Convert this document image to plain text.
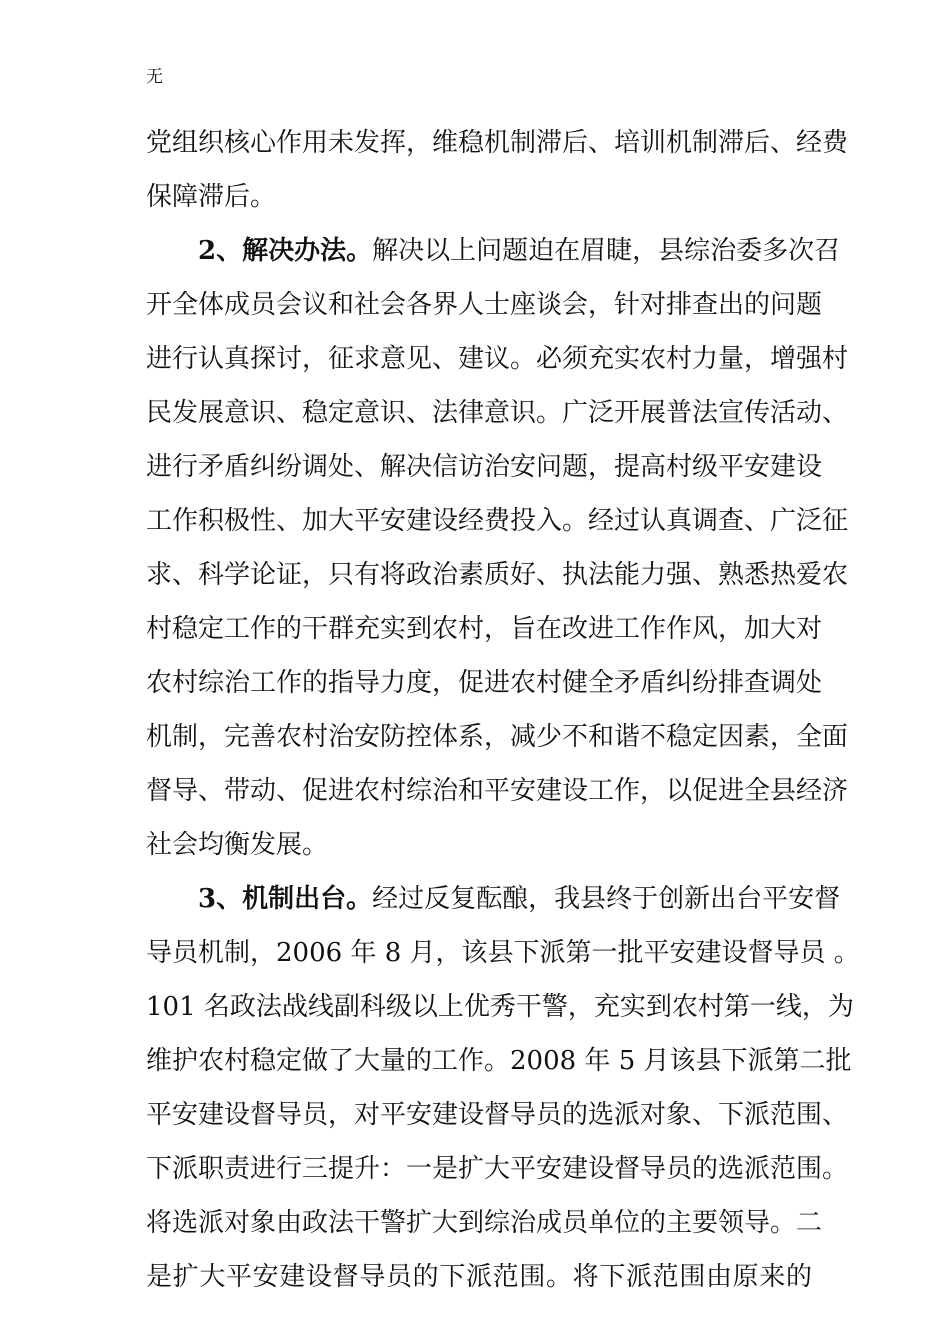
无
党组织核心作用未发挥，维稳机制滞后、培训机制滞后、经费
保障滞后。
2、解决办法。解决以上问题迫在眉睫，县综治委多次召
开全体成员会议和社会各界人士座谈会，针对排查出的问题
进行认真探讨，征求意见、建议。必须充实农村力量，增强村
民发展意识、稳定意识、法律意识。广泛开展普法宣传活动、
进行矛盾纠纷调处、解决信访治安问题，提高村级平安建设
工作积极性、加大平安建设经费投入。经过认真调查、广泛征
求、科学论证，只有将政治素质好、执法能力强、熟悉热爱农
村稳定工作的干群充实到农村，旨在改进工作作风，加大对
农村综治工作的指导力度，促进农村健全矛盾纠纷排查调处
机制，完善农村治安防控体系，减少不和谐不稳定因素，全面
督导、带动、促进农村综治和平安建设工作，以促进全县经济
社会均衡发展。
3、机制出台。经过反复酝酿，我县终于创新出台平安督
导员机制，2006 年 8 月，该县下派第一批平安建设督导员 。
101 名政法战线副科级以上优秀干警，充实到农村第一线，为
维护农村稳定做了大量的工作。2008 年 5 月该县下派第二批
平安建设督导员，对平安建设督导员的选派对象、下派范围、
下派职责进行三提升：一是扩大平安建设督导员的选派范围。
将选派对象由政法干警扩大到综治成员单位的主要领导。二
是扩大平安建设督导员的下派范围。将下派范围由原来的
